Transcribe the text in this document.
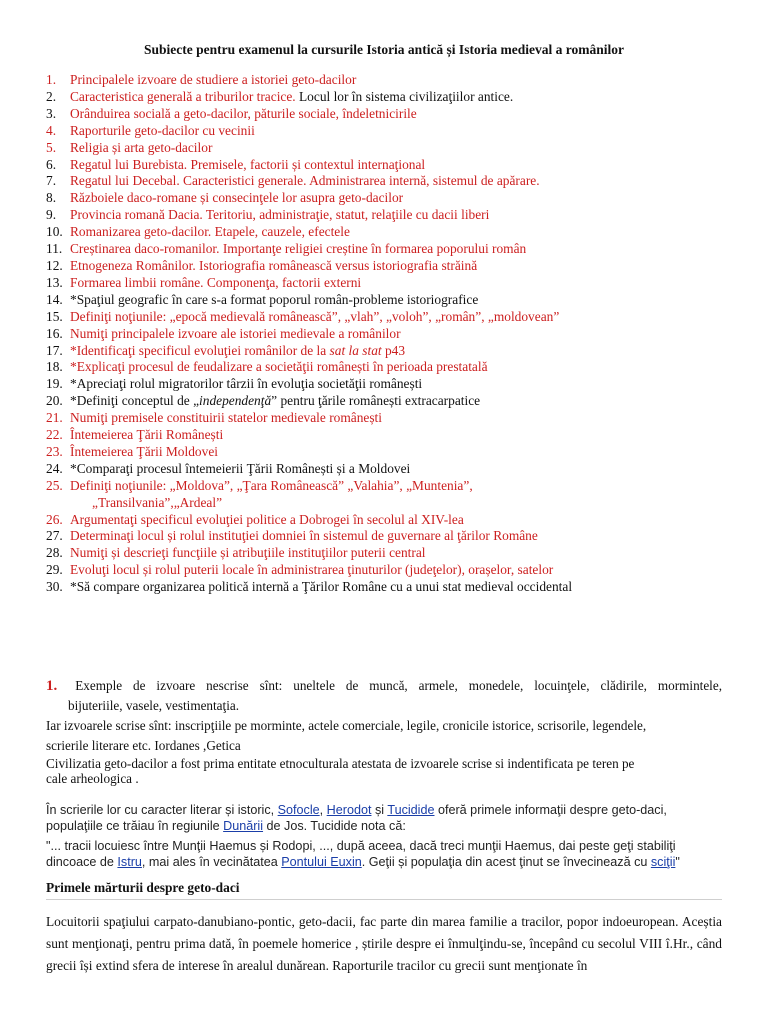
Subiecte pentru examenul la cursurile Istoria antică și Istoria medieval a românilor
1. Principalele izvoare de studiere a istoriei geto-dacilor
2. Caracteristica generală a triburilor tracice. Locul lor în sistema civilizaţiilor antice.
3. Orânduirea socială a geto-dacilor, păturile sociale, îndeletnicirile
4. Raporturile geto-dacilor cu vecinii
5. Religia și arta geto-dacilor
6. Regatul lui Burebista. Premisele, factorii și contextul internaţional
7. Regatul lui Decebal. Caracteristici generale. Administrarea internă, sistemul de apărare.
8. Războiele daco-romane și consecinţele lor asupra geto-dacilor
9. Provincia romană Dacia. Teritoriu, administraţie, statut, relaţiile cu dacii liberi
10. Romanizarea geto-dacilor. Etapele, cauzele, efectele
11. Creștinarea daco-romanilor. Importanţe religiei creștine în formarea poporului român
12. Etnogeneza Românilor. Istoriografia românească versus istoriografia străină
13. Formarea limbii române. Componenţa, factorii externi
14. *Spaţiul geografic în care s-a format poporul român-probleme istoriografice
15. Definiţi noţiunile: „epocă medievală românească”, „vlah”, „voloh”, „român”, „moldovean”
16. Numiţi principalele izvoare ale istoriei medievale a românilor
17. *Identificaţi specificul evoluţiei românilor de la sat la stat p43
18. *Explicaţi procesul de feudalizare a societăţii românești în perioada prestatală
19. *Apreciaţi rolul migratorilor târzii în evoluţia societăţii românești
20. *Definiţi conceptul de „independenţă” pentru ţările românești extracarpatice
21. Numiţi premisele constituirii statelor medievale românești
22. Întemeierea Ţării Românești
23. Întemeierea Ţării Moldovei
24. *Comparaţi procesul întemeierii Ţării Românești și a Moldovei
25. Definiţi noţiunile: „Moldova”, „Ţara Românească” „Valahia”, „Muntenia”,
„Transilvania”,„Ardeal”
26. Argumentaţi specificul evoluţiei politice a Dobrogei în secolul al XIV-lea
27. Determinaţi locul și rolul instituţiei domniei în sistemul de guvernare al ţărilor Române
28. Numiţi și descrieţi funcţiile și atribuţiile instituţiilor puterii central
29. Evoluţi locul și rolul puterii locale în administrarea ţinuturilor (judeţelor), orașelor, satelor
30. *Să compare organizarea politică internă a Ţărilor Române cu a unui stat medieval occidental
1. Exemple de izvoare nescrise sînt: uneltele de muncă, armele, monedele, locuinţele, clădirile, mormintele,
bijuteriile, vasele, vestimentaţia.
Iar izvoarele scrise sînt: inscripţiile pe morminte, actele comerciale, legile, cronicile istorice, scrisorile, legendele,
scrierile literare etc. Iordanes ,Getica
Civilizatia geto-dacilor a fost prima entitate etnoculturala atestata de izvoarele scrise si indentificata pe teren pe
cale arheologica .
În scrierile lor cu caracter literar și istoric, Sofocle, Herodot și Tucidide oferă primele informaţii despre geto-daci,
populaţiile ce trăiau în regiunile Dunării de Jos. Tucidide nota că:
"... tracii locuiesc între Munţii Haemus și Rodopi, ..., după aceea, dacă treci munţii Haemus, dai peste geţi stabiliţi
dincoace de Istru, mai ales în vecinătatea Pontului Euxin. Geţii și populaţia din acest ţinut se învecinează cu sciţii"
Primele mărturii despre geto-daci
Locuitorii spaţiului carpato-danubiano-pontic, geto-dacii, fac parte din marea familie a tracilor, popor indoeuropean. Aceștia sunt menţionaţi, pentru prima dată, în poemele homerice , știrile despre ei înmulţindu-se, începând cu secolul VIII î.Hr., când grecii își extind sfera de interese în arealul dunărean. Raporturile tracilor cu grecii sunt menţionate în
